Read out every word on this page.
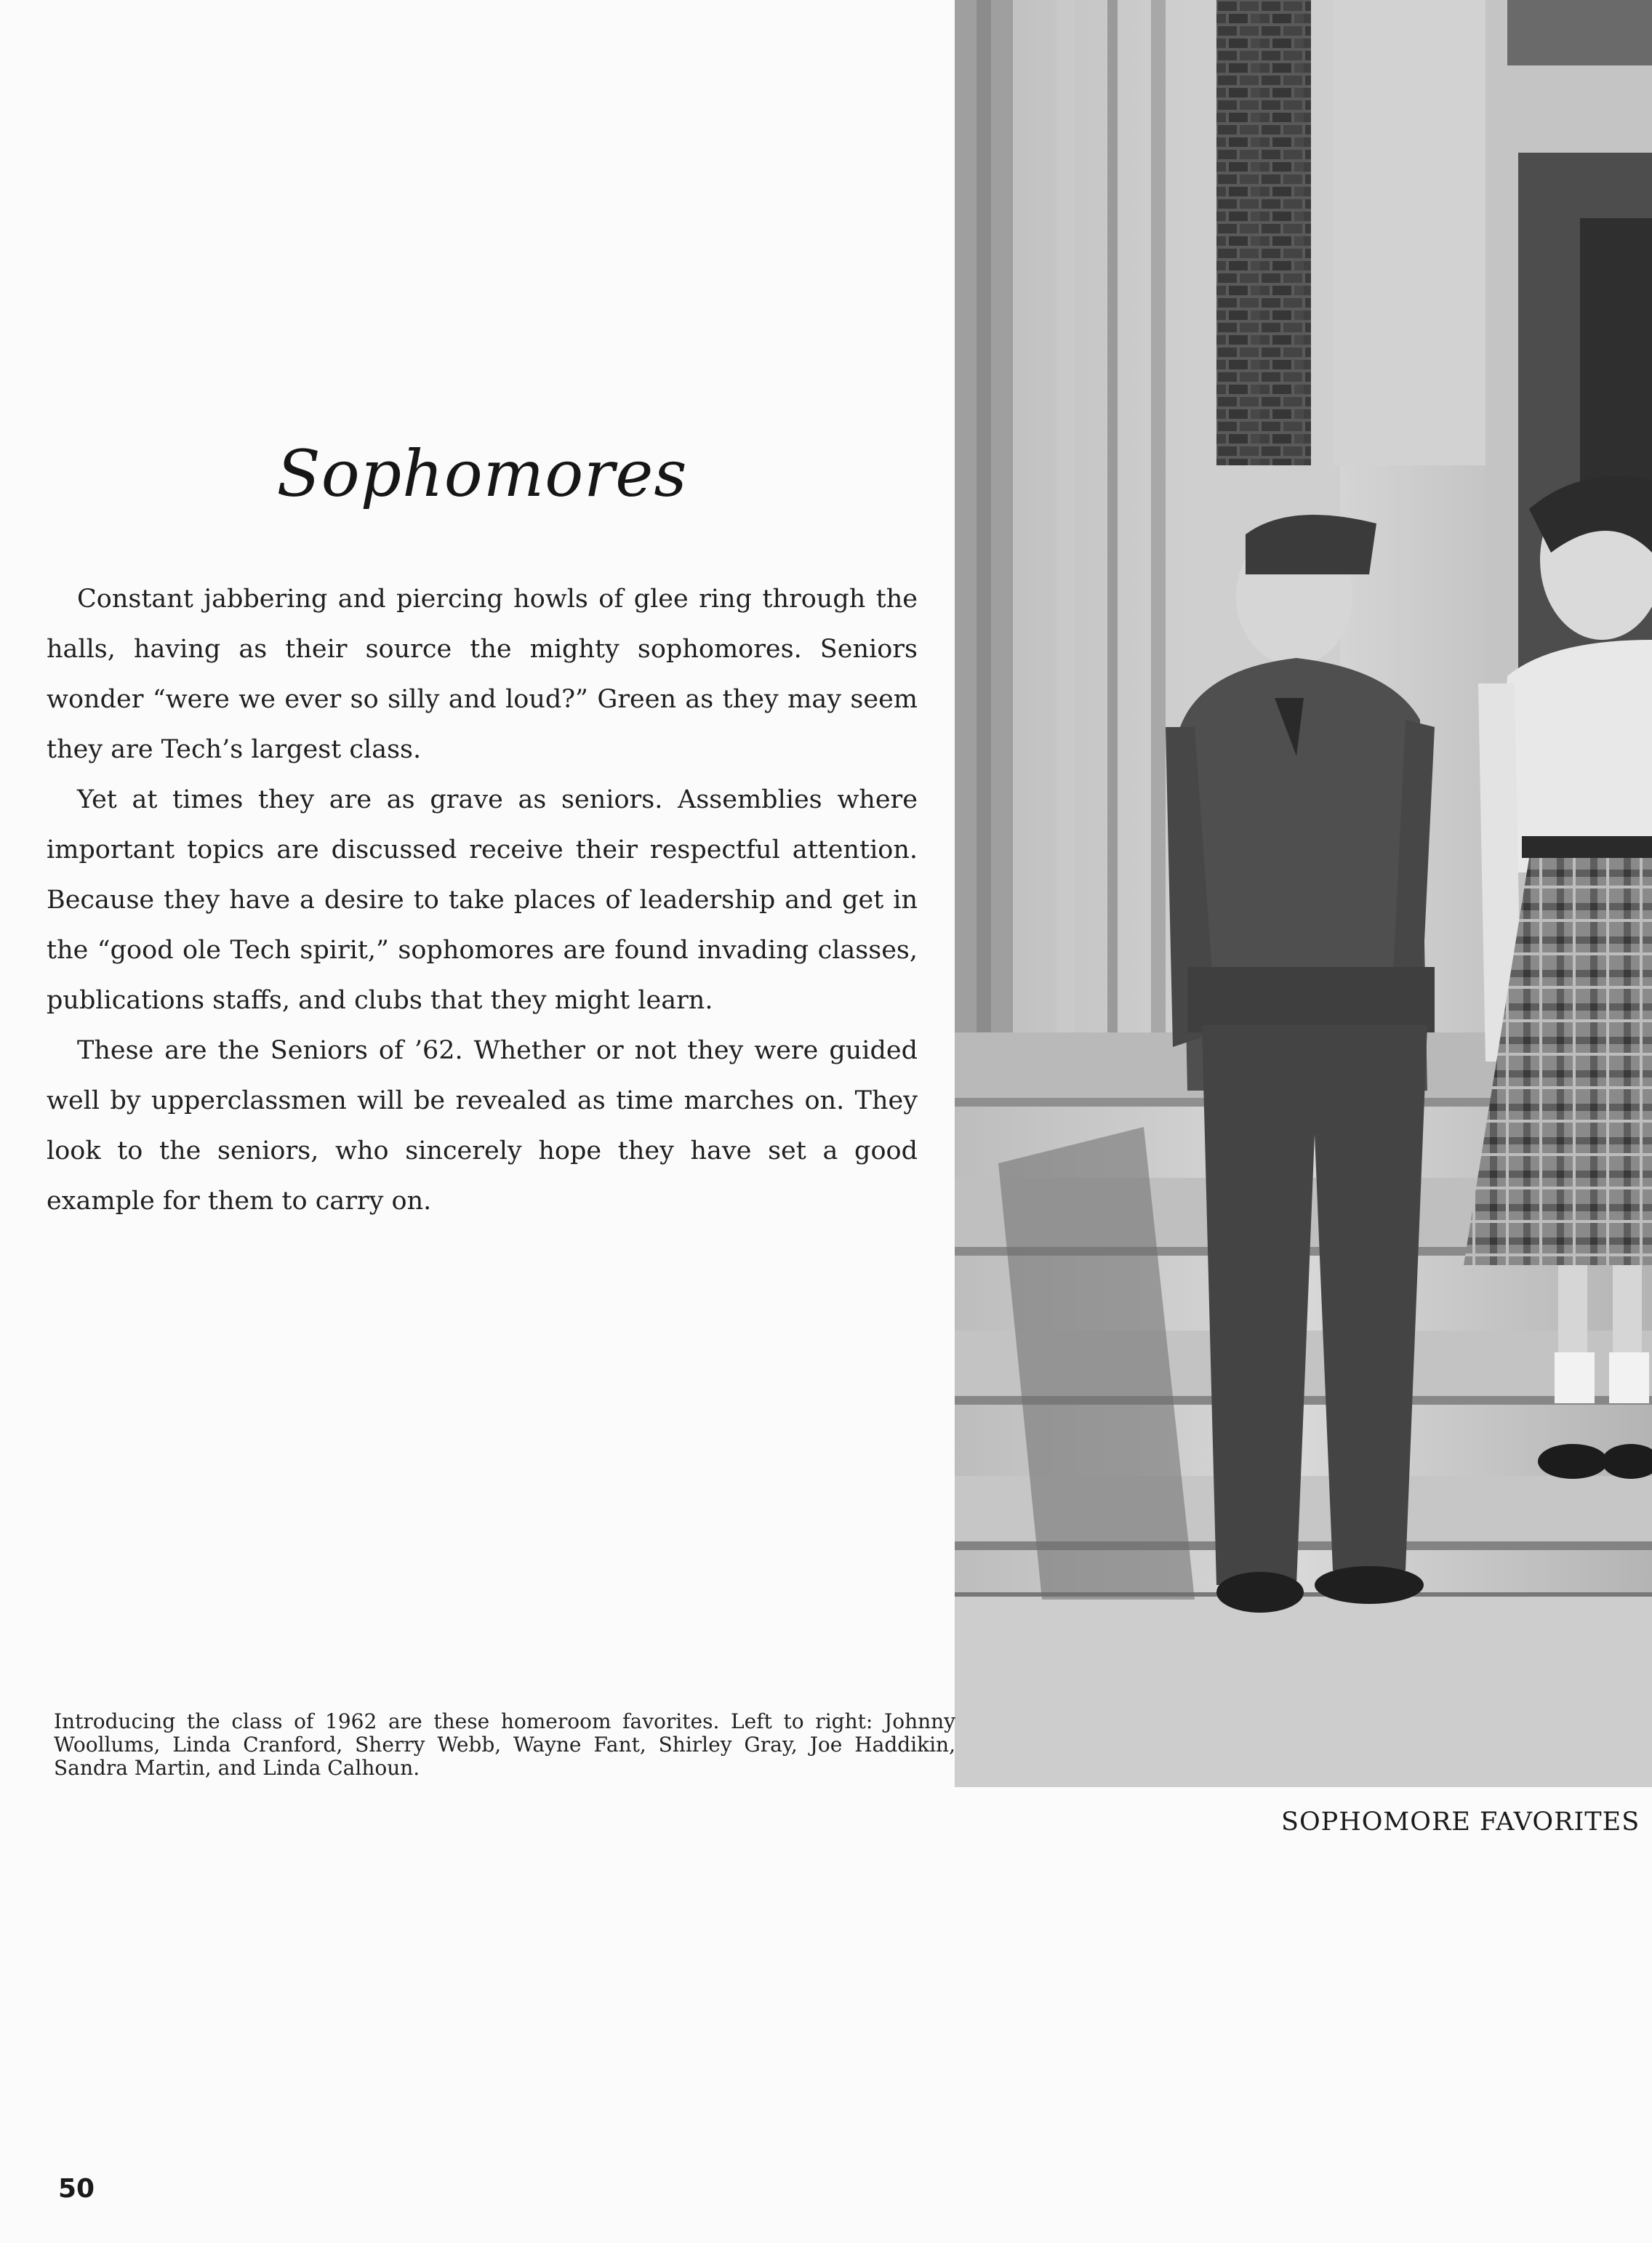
Sophomores

Constant jabbering and piercing howls of glee ring through the halls, having as their source the mighty sophomores. Seniors wonder “were we ever so silly and loud?” Green as they may seem they are Tech’s largest class.

Yet at times they are as grave as seniors. Assemblies where important topics are discussed receive their respectful attention. Because they have a desire to take places of leadership and get in the “good ole Tech spirit,” sophomores are found invading classes, publications staffs, and clubs that they might learn.

These are the Seniors of ’62. Whether or not they were guided well by upperclassmen will be revealed as time marches on. They look to the seniors, who sincerely hope they have set a good example for them to carry on.

Introducing the class of 1962 are these homeroom favorites. Left to right: Johnny Woollums, Linda Cranford, Sherry Webb, Wayne Fant, Shirley Gray, Joe Haddikin, Sandra Martin, and Linda Calhoun.
SOPHOMORE FAVORITES
50
